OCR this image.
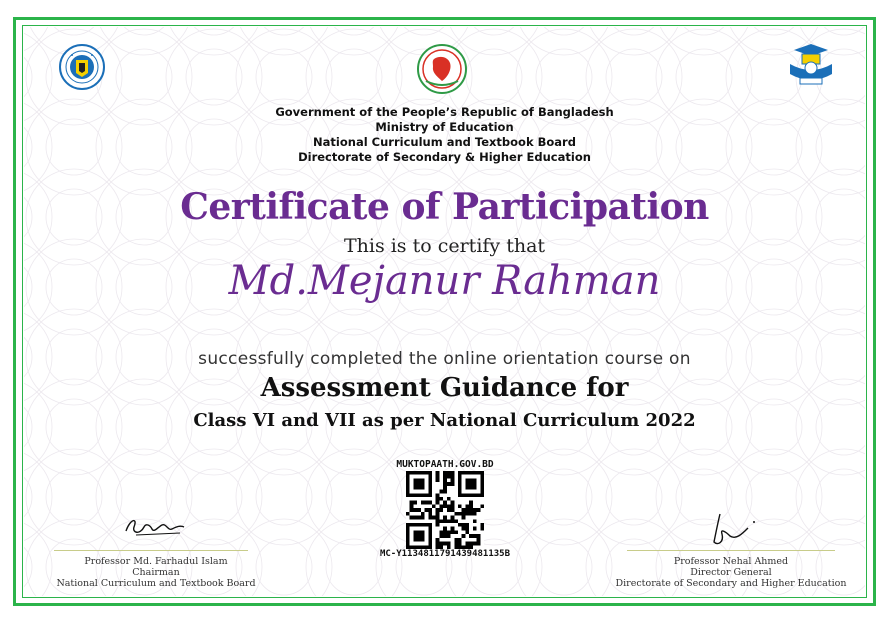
Government of the People’s Republic of Bangladesh
Ministry of Education
National Curriculum and Textbook Board
Directorate of Secondary & Higher Education
Certificate of Participation
This is to certify that
Md.Mejanur Rahman
successfully completed the online orientation course on
Assessment Guidance for
Class VI and VII as per National Curriculum 2022
MUKTOPAATH.GOV.BD
MC-Y1134811791439481135B
Professor Md. Farhadul Islam
Chairman
National Curriculum and Textbook Board
Professor Nehal Ahmed
Director General
Directorate of Secondary and Higher Education
